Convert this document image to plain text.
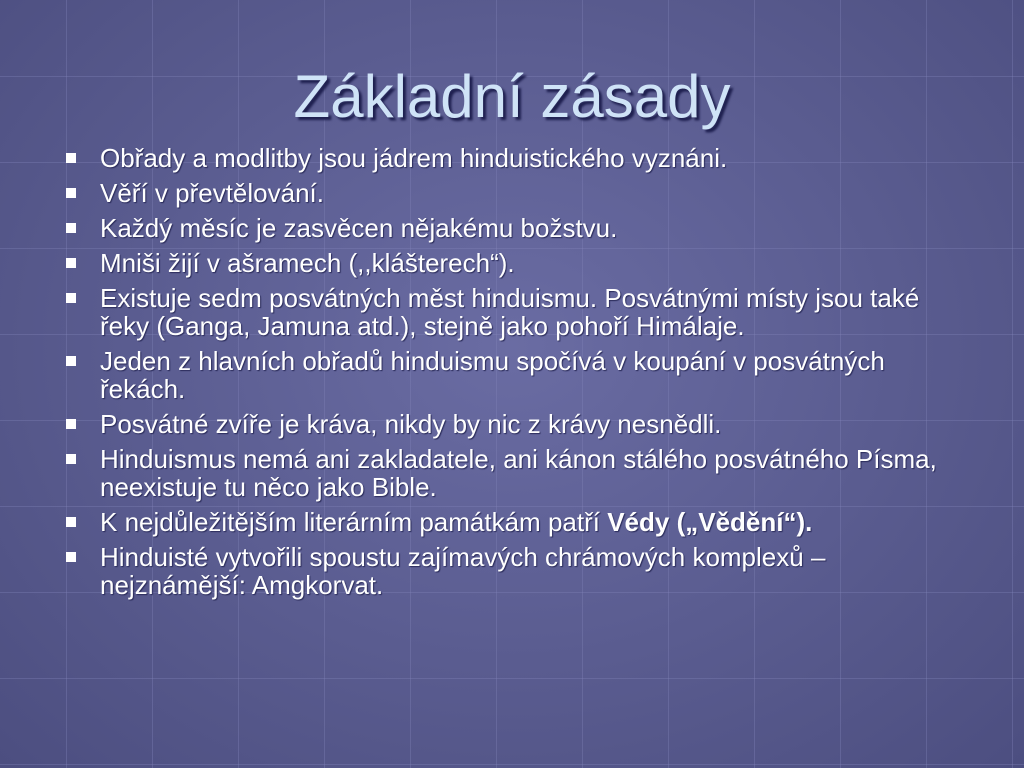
Základní zásady
Obřady a modlitby jsou jádrem hinduistického vyznáni.
Věří v převtělování.
Každý měsíc je zasvěcen nějakému božstvu.
Mniši žijí v ašramech (,,klášterech“).
Existuje sedm posvátných měst hinduismu. Posvátnými místy jsou také řeky (Ganga, Jamuna atd.), stejně jako pohoří Himálaje.
Jeden z hlavních obřadů hinduismu spočívá v koupání v posvátných řekách.
Posvátné zvíře je kráva, nikdy by nic z krávy nesnědli.
Hinduismus nemá ani zakladatele, ani kánon stálého posvátného Písma, neexistuje tu něco jako Bible.
K nejdůležitějším literárním památkám patří Védy („Vědění“).
Hinduisté vytvořili spoustu zajímavých chrámových komplexů – nejznámější: Amgkorvat.
